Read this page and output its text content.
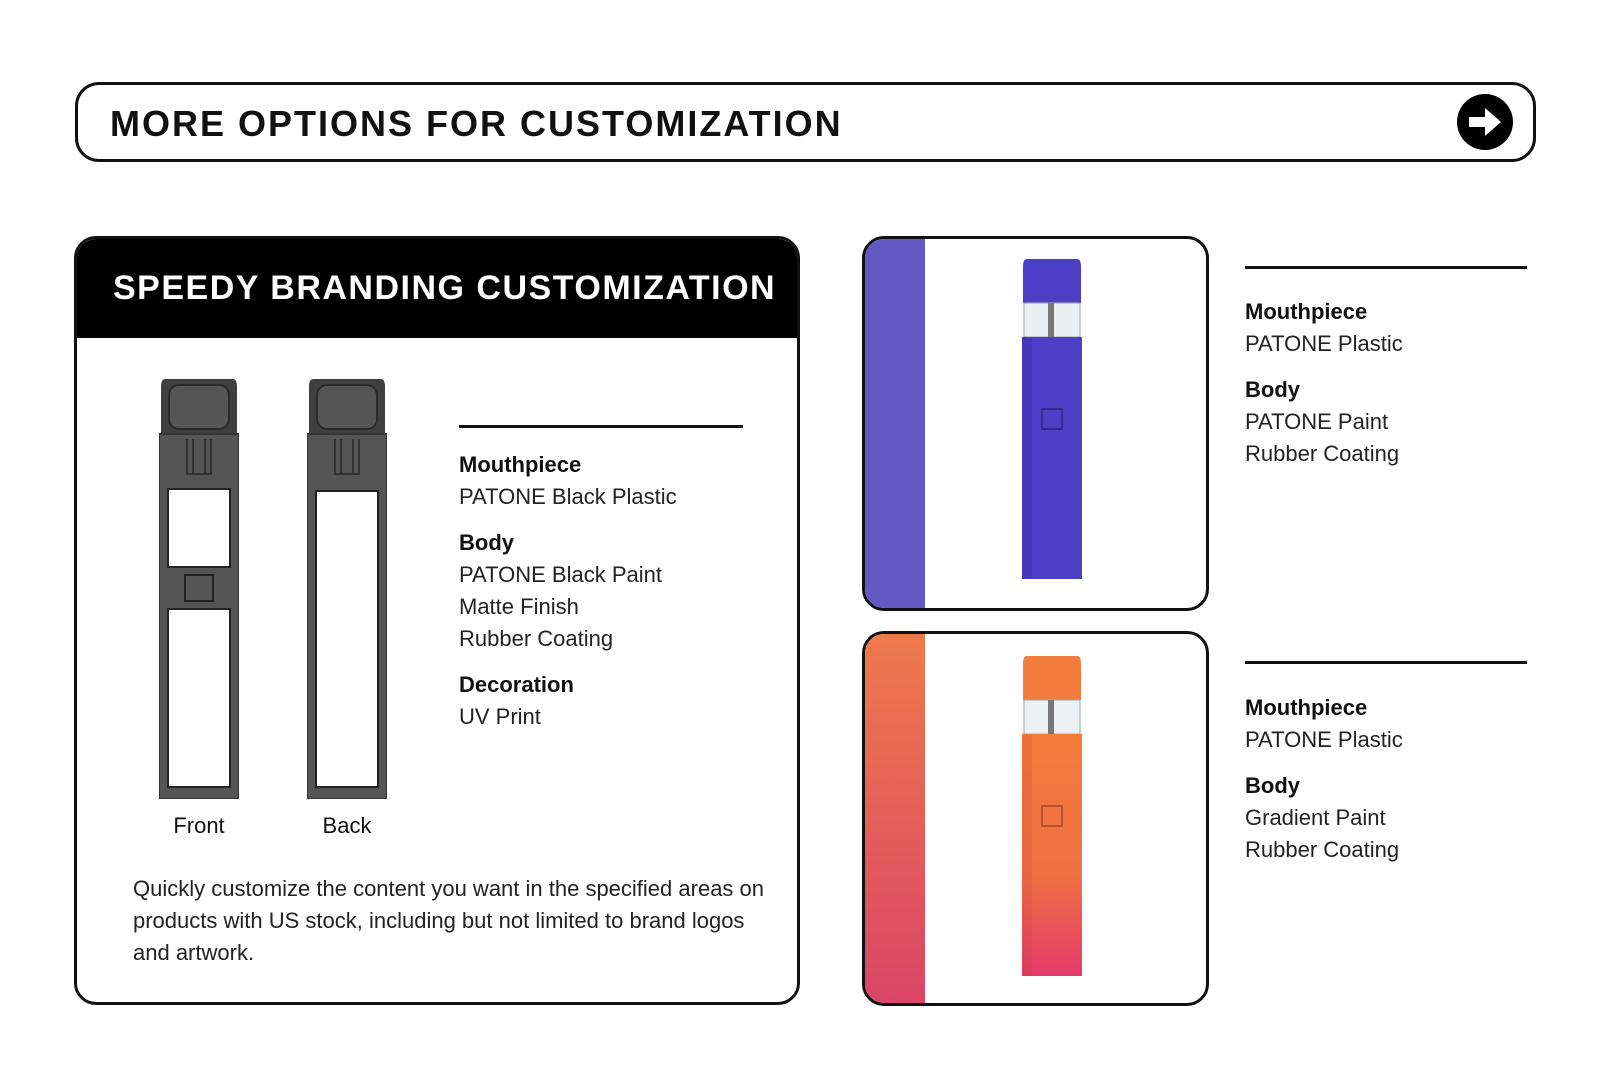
MORE OPTIONS FOR CUSTOMIZATION
SPEEDY BRANDING CUSTOMIZATION
Front	Back
Mouthpiece
PATONE Black Plastic
Body
PATONE Black Paint
Matte Finish
Rubber Coating
Decoration
UV Print
Quickly customize the content you want in the specified areas on products with US stock, including but not limited to brand logos and artwork.
Mouthpiece
PATONE Plastic
Body
PATONE Paint
Rubber Coating
Mouthpiece
PATONE Plastic
Body
Gradient Paint
Rubber Coating
